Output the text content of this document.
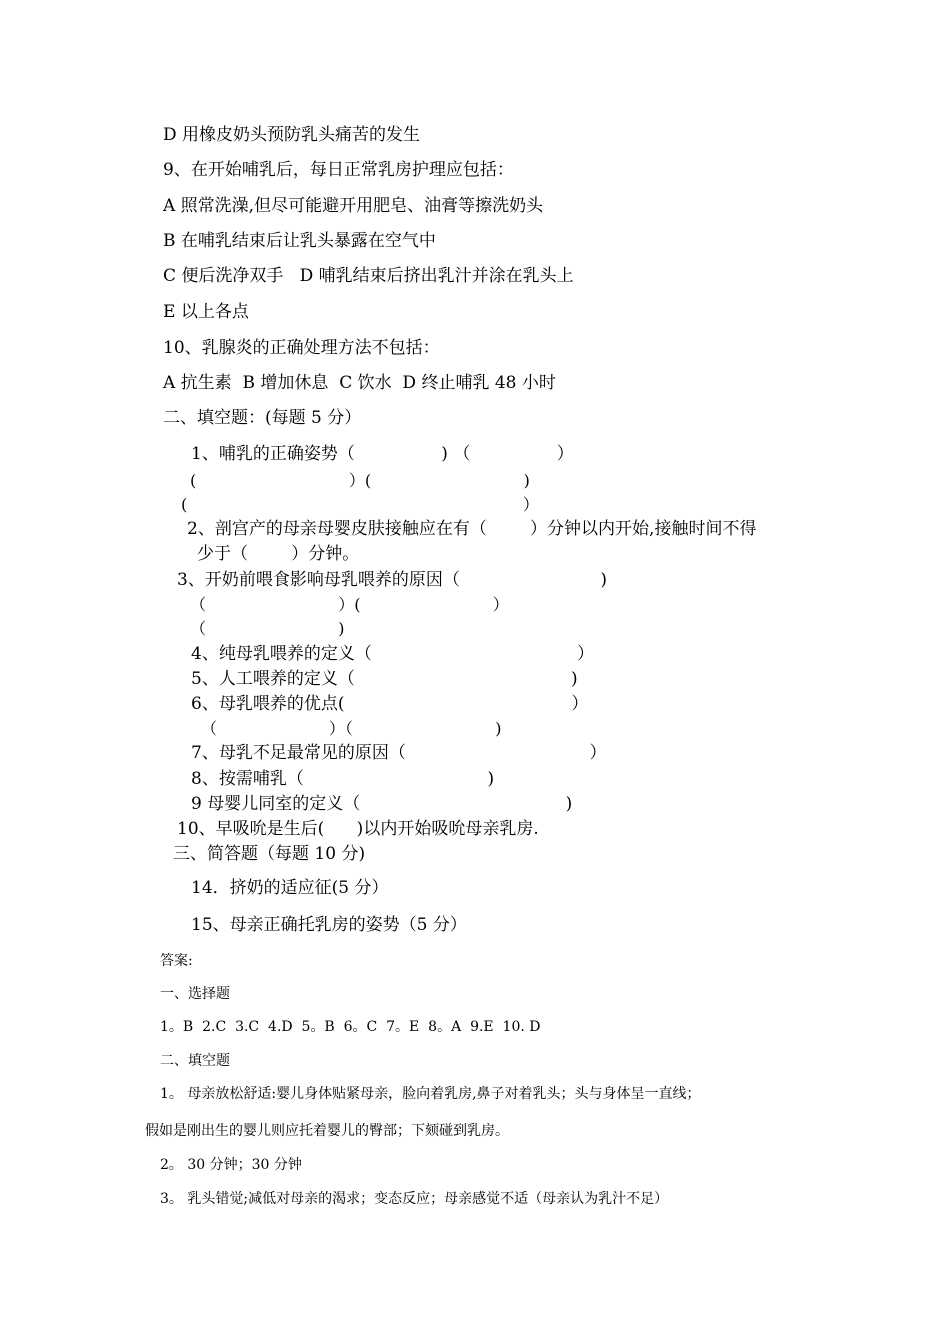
D 用橡皮奶头预防乳头痛苦的发生
9、在开始哺乳后，每日正常乳房护理应包括：
A 照常洗澡,但尽可能避开用肥皂、油膏等擦洗奶头
B 在哺乳结束后让乳头暴露在空气中
C 便后洗净双手   D 哺乳结束后挤出乳汁并涂在乳头上
E 以上各点
10、乳腺炎的正确处理方法不包括：
A 抗生素  B 增加休息  C 饮水  D 终止哺乳 48 小时
二、填空题：(每题 5 分）
1、哺乳的正确姿势（                ) （                ）
(                              ）(                              )
(                                                                  ）
2、剖宫产的母亲母婴皮肤接触应在有（        ）分钟以内开始,接触时间不得
少于（        ）分钟。
3、开奶前喂食影响母乳喂养的原因（                          )
（                          ）(                          ）
（                          )
4、纯母乳喂养的定义（                                      ）
5、人工喂养的定义（                                        )
6、母乳喂养的优点(                                          ）
（                      ）（                            )
7、母乳不足最常见的原因（                                  ）
8、按需哺乳（                                  )
9 母婴儿同室的定义（                                      )
10、早吸吮是生后(      )以内开始吸吮母亲乳房.
三、简答题（每题 10 分)
14．挤奶的适应征(5 分）
15、母亲正确托乳房的姿势（5 分）
答案:
一、选择题
1。B  2.C  3.C  4.D  5。B  6。C  7。E  8。A  9.E  10. D
二、填空题
1。 母亲放松舒适:婴儿身体贴紧母亲，脸向着乳房,鼻子对着乳头；头与身体呈一直线；
假如是刚出生的婴儿则应托着婴儿的臀部；下颏碰到乳房。
2。 30 分钟；30 分钟
3。 乳头错觉;减低对母亲的渴求；变态反应；母亲感觉不适（母亲认为乳汁不足）
